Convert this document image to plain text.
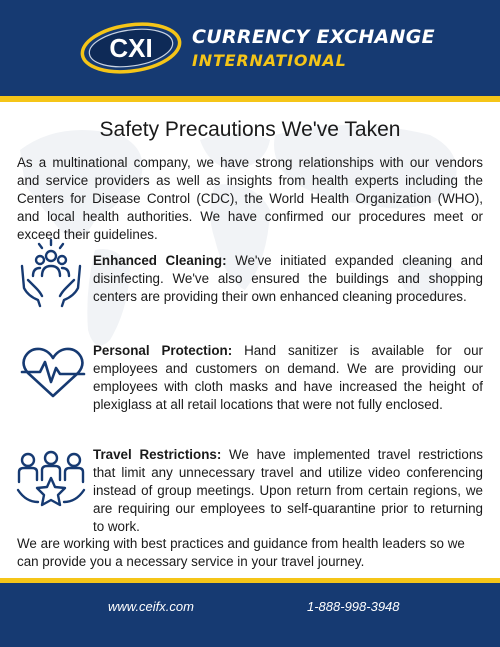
CXI CURRENCY EXCHANGE
INTERNATIONAL
Safety Precautions We've Taken

As a multinational company, we have strong relationships with our vendors and service providers as well as insights from health experts including the Centers for Disease Control (CDC), the World Health Organization (WHO), and local health authorities. We have confirmed our procedures meet or exceed their guidelines.

Enhanced Cleaning: We've initiated expanded cleaning and disinfecting. We've also ensured the buildings and shopping centers are providing their own enhanced cleaning procedures.

Personal Protection: Hand sanitizer is available for our employees and customers on demand. We are providing our employees with cloth masks and have increased the height of plexiglass at all retail locations that were not fully enclosed.

Travel Restrictions: We have implemented travel restrictions that limit any unnecessary travel and utilize video conferencing instead of group meetings. Upon return from certain regions, we are requiring our employees to self-quarantine prior to returning to work.

We are working with best practices and guidance from health leaders so we can provide you a necessary service in your travel journey.

www.ceifx.com	1-888-998-3948
